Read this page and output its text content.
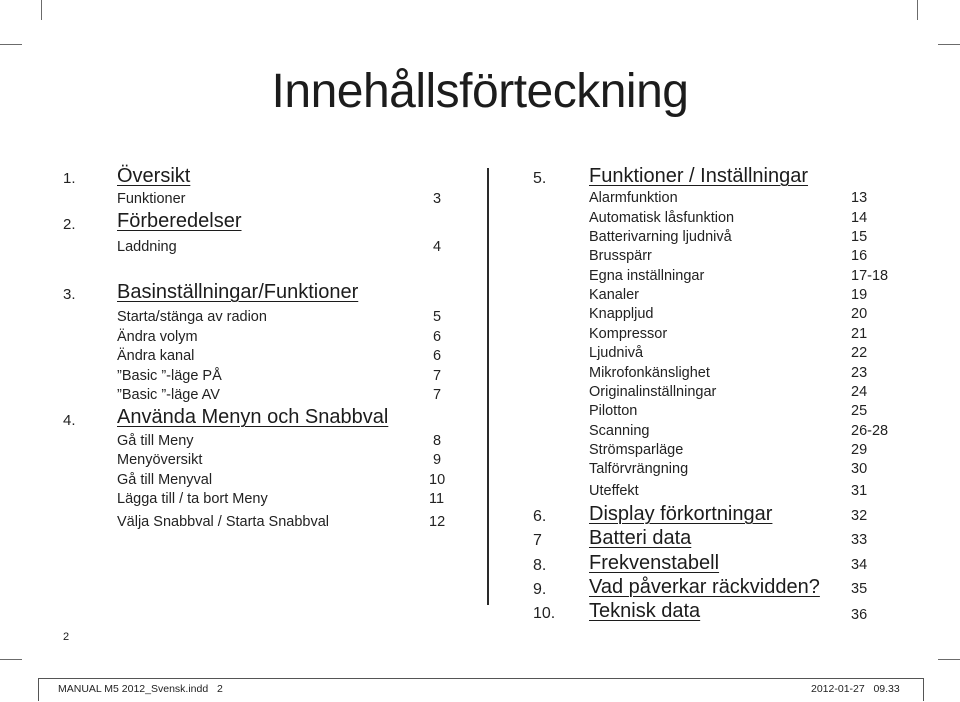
Innehållsförteckning
1. Översikt
Funktioner	3
2. Förberedelser
Laddning	4
3. Basinställningar/Funktioner
Starta/stänga av radion	5
Ändra volym	6
Ändra kanal	6
”Basic ”-läge PÅ	7
”Basic ”-läge AV	7
4. Använda Menyn och Snabbval
Gå till Meny	8
Menyöversikt	9
Gå till Menyval	10
Lägga till / ta bort Meny	11
Välja Snabbval / Starta Snabbval	12
5. Funktioner / Inställningar
Alarmfunktion	13
Automatisk låsfunktion	14
Batterivarning ljudnivå	15
Brusspärr	16
Egna inställningar	17-18
Kanaler	19
Knappljud	20
Kompressor	21
Ljudnivå	22
Mikrofonkänslighet	23
Originalinställningar	24
Pilotton	25
Scanning	26-28
Strömsparläge	29
Talförvrängning	30
Uteffekt	31
6. Display förkortningar	32
7 Batteri data	33
8. Frekvenstabell	34
9. Vad påverkar räckvidden? 35
10. Teknisk data	36
2
MANUAL M5 2012_Svensk.indd   2	2012-01-27   09.33
